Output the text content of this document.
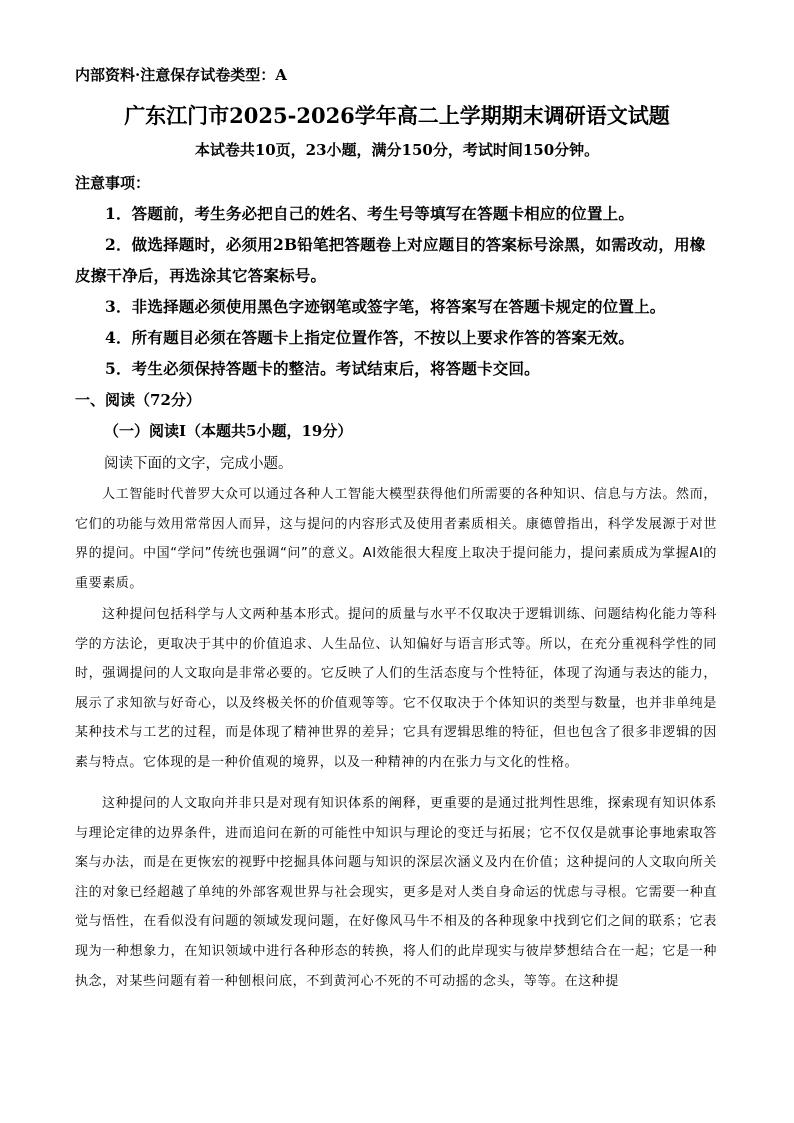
内部资料·注意保存试卷类型：A
广东江门市2025-2026学年高二上学期期末调研语文试题
本试卷共10页，23小题，满分150分，考试时间150分钟。
注意事项：
1．答题前，考生务必把自己的姓名、考生号等填写在答题卡相应的位置上。
2．做选择题时，必须用2B铅笔把答题卷上对应题目的答案标号涂黑，如需改动，用橡皮擦干净后，再选涂其它答案标号。
3．非选择题必须使用黑色字迹钢笔或签字笔，将答案写在答题卡规定的位置上。
4．所有题目必须在答题卡上指定位置作答，不按以上要求作答的答案无效。
5．考生必须保持答题卡的整洁。考试结束后，将答题卡交回。
一、阅读（72分）
（一）阅读Ⅰ（本题共5小题，19分）
阅读下面的文字，完成小题。
人工智能时代普罗大众可以通过各种人工智能大模型获得他们所需要的各种知识、信息与方法。然而，它们的功能与效用常常因人而异，这与提问的内容形式及使用者素质相关。康德曾指出，科学发展源于对世界的提问。中国“学问”传统也强调“问”的意义。AI效能很大程度上取决于提问能力，提问素质成为掌握AI的重要素质。
这种提问包括科学与人文两种基本形式。提问的质量与水平不仅取决于逻辑训练、问题结构化能力等科学的方法论，更取决于其中的价值追求、人生品位、认知偏好与语言形式等。所以，在充分重视科学性的同时，强调提问的人文取向是非常必要的。它反映了人们的生活态度与个性特征，体现了沟通与表达的能力，展示了求知欲与好奇心，以及终极关怀的价值观等等。它不仅取决于个体知识的类型与数量，也并非单纯是某种技术与工艺的过程，而是体现了精神世界的差异；它具有逻辑思维的特征，但也包含了很多非逻辑的因素与特点。它体现的是一种价值观的境界，以及一种精神的内在张力与文化的性格。
这种提问的人文取向并非只是对现有知识体系的阐释，更重要的是通过批判性思维，探索现有知识体系与理论定律的边界条件，进而追问在新的可能性中知识与理论的变迁与拓展；它不仅仅是就事论事地索取答案与办法，而是在更恢宏的视野中挖掘具体问题与知识的深层次涵义及内在价值；这种提问的人文取向所关注的对象已经超越了单纯的外部客观世界与社会现实，更多是对人类自身命运的忧虑与寻根。它需要一种直觉与悟性，在看似没有问题的领域发现问题，在好像风马牛不相及的各种现象中找到它们之间的联系；它表现为一种想象力，在知识领域中进行各种形态的转换，将人们的此岸现实与彼岸梦想结合在一起；它是一种执念，对某些问题有着一种刨根问底，不到黄河心不死的不可动摇的念头，等等。在这种提
